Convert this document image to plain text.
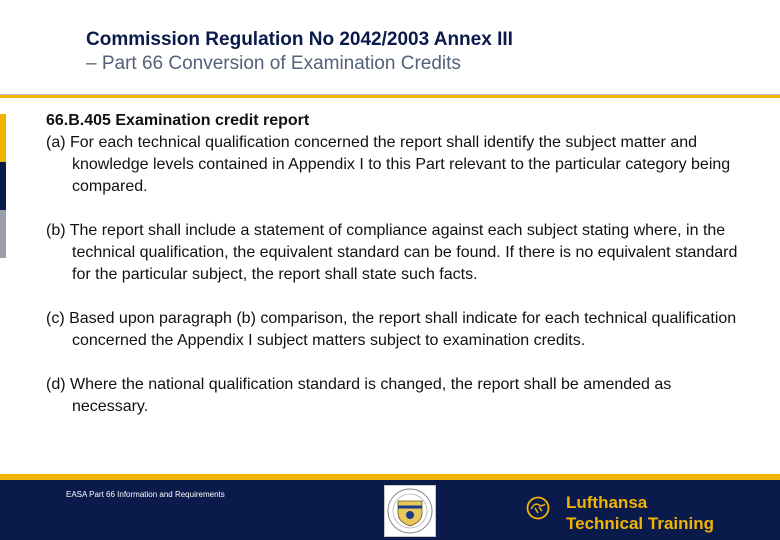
Commission Regulation No 2042/2003 Annex III
– Part 66 Conversion of Examination Credits
66.B.405 Examination credit report
(a) For each technical qualification concerned the report shall identify the subject matter and knowledge levels contained in Appendix I to this Part relevant to the particular category being compared.
(b) The report shall include a statement of compliance against each subject stating where, in the technical qualification, the equivalent standard can be found. If there is no equivalent standard for the particular subject, the report shall state such facts.
(c) Based upon paragraph (b) comparison, the report shall indicate for each technical qualification concerned the Appendix I subject matters subject to examination credits.
(d) Where the national qualification standard is changed, the report shall be amended as necessary.
EASA Part 66 Information and Requirements	Lufthansa
Technical Training
